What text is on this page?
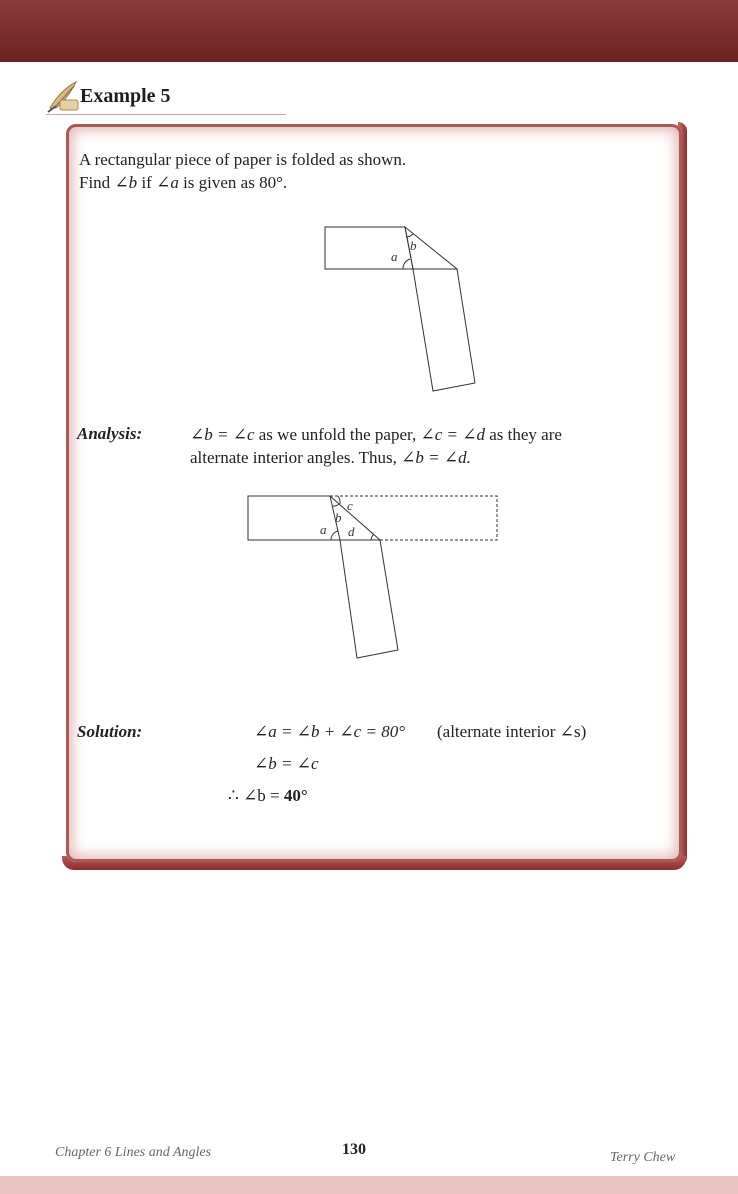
Example 5
A rectangular piece of paper is folded as shown.
Find ∠b if ∠a is given as 80°.
a
b
Analysis:	∠b = ∠c as we unfold the paper, ∠c = ∠d as they are
alternate interior angles. Thus, ∠b = ∠d.
a
b
c
d
Solution:	∠a = ∠b + ∠c = 80° (alternate interior ∠s)
∠b = ∠c
∴ ∠b = 40°
Chapter 6 Lines and Angles	130	Terry Chew
